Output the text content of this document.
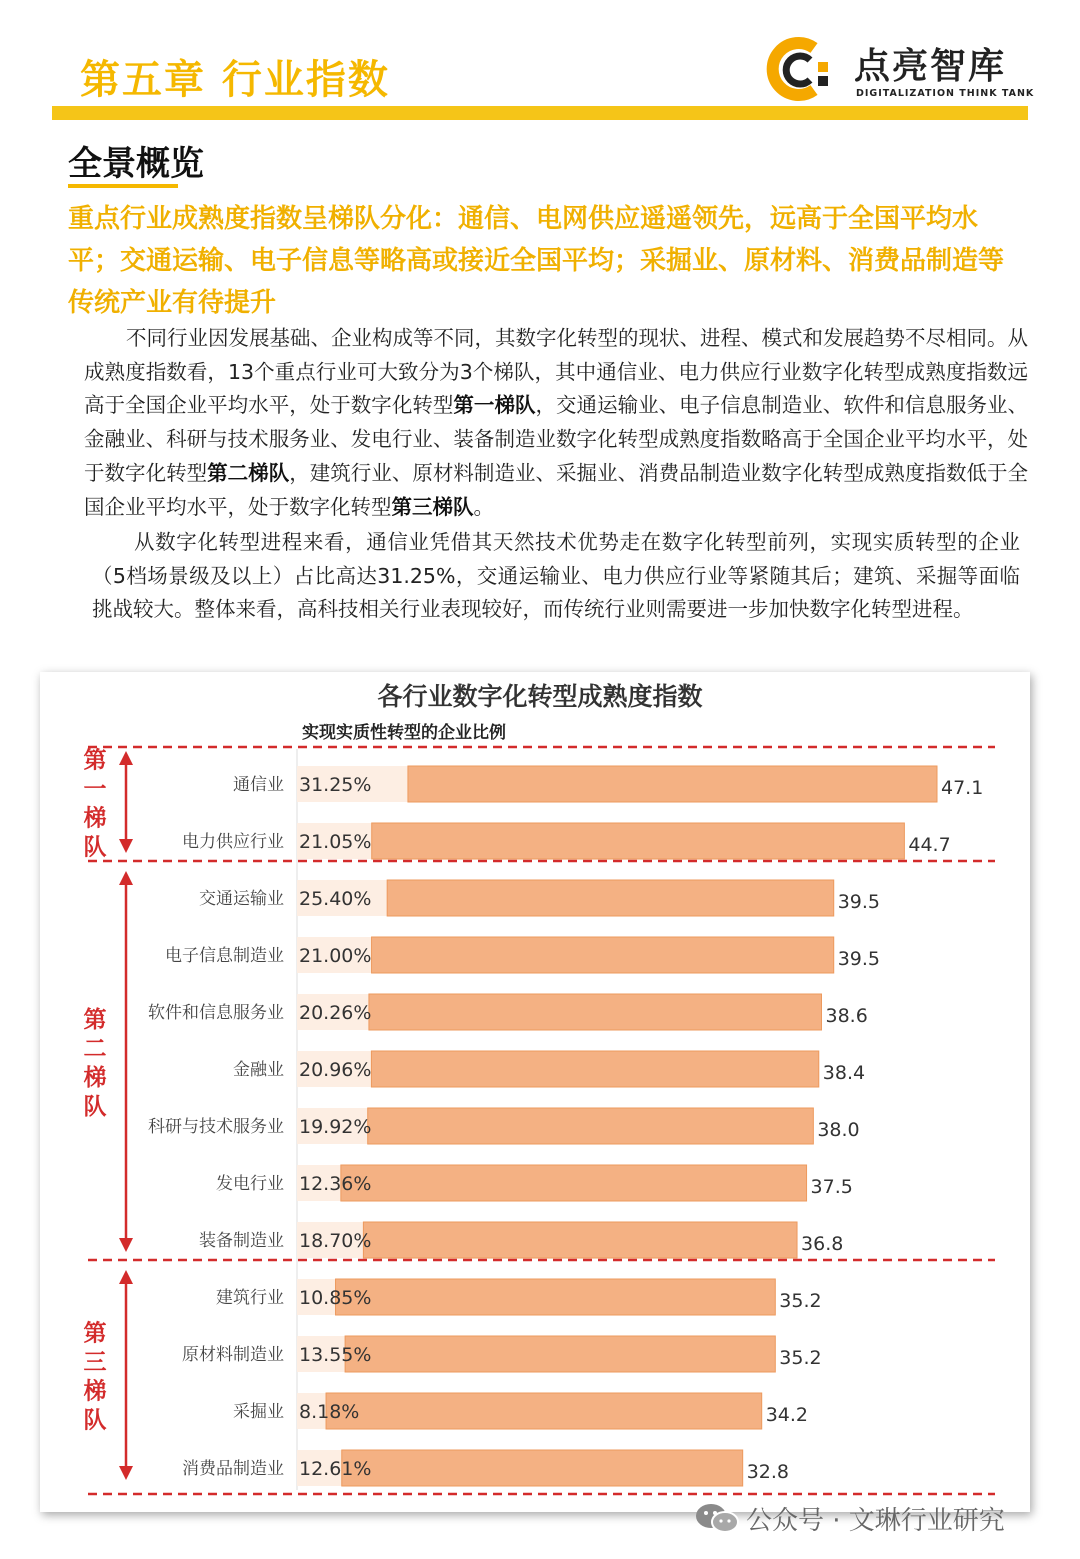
第五章 行业指数	点亮智库
DIGITALIZATION THINK TANK
全景概览
重点行业成熟度指数呈梯队分化：通信、电网供应遥遥领先，远高于全国平均水平；交通运输、电子信息等略高或接近全国平均；采掘业、原材料、消费品制造等传统产业有待提升
不同行业因发展基础、企业构成等不同，其数字化转型的现状、进程、模式和发展趋势不尽相同。从成熟度指数看，13个重点行业可大致分为3个梯队，其中通信业、电力供应行业数字化转型成熟度指数远高于全国企业平均水平，处于数字化转型第一梯队，交通运输业、电子信息制造业、软件和信息服务业、金融业、科研与技术服务业、发电行业、装备制造业数字化转型成熟度指数略高于全国企业平均水平，处于数字化转型第二梯队，建筑行业、原材料制造业、采掘业、消费品制造业数字化转型成熟度指数低于全国企业平均水平，处于数字化转型第三梯队。
从数字化转型进程来看，通信业凭借其天然技术优势走在数字化转型前列，实现实质转型的企业（5档场景级及以上）占比高达31.25%，交通运输业、电力供应行业等紧随其后；建筑、采掘等面临挑战较大。整体来看，高科技相关行业表现较好，而传统行业则需要进一步加快数字化转型进程。
各行业数字化转型成熟度指数
实现实质性转型的企业比例
通信业 31.25%	47.1
电力供应行业 21.05%	44.7
交通运输业 25.40%	39.5
电子信息制造业 21.00%	39.5
软件和信息服务业 20.26%	38.6
金融业 20.96%	38.4
科研与技术服务业 19.92%	38.0
发电行业 12.36%	37.5
装备制造业 18.70%	36.8
建筑行业 10.85%	35.2
原材料制造业 13.55%	35.2
采掘业 8.18%	34.2
消费品制造业 12.61%	32.8
第
一
梯
队
第
二
梯
队
第
三
梯
队
公众号 · 文琳行业研究
